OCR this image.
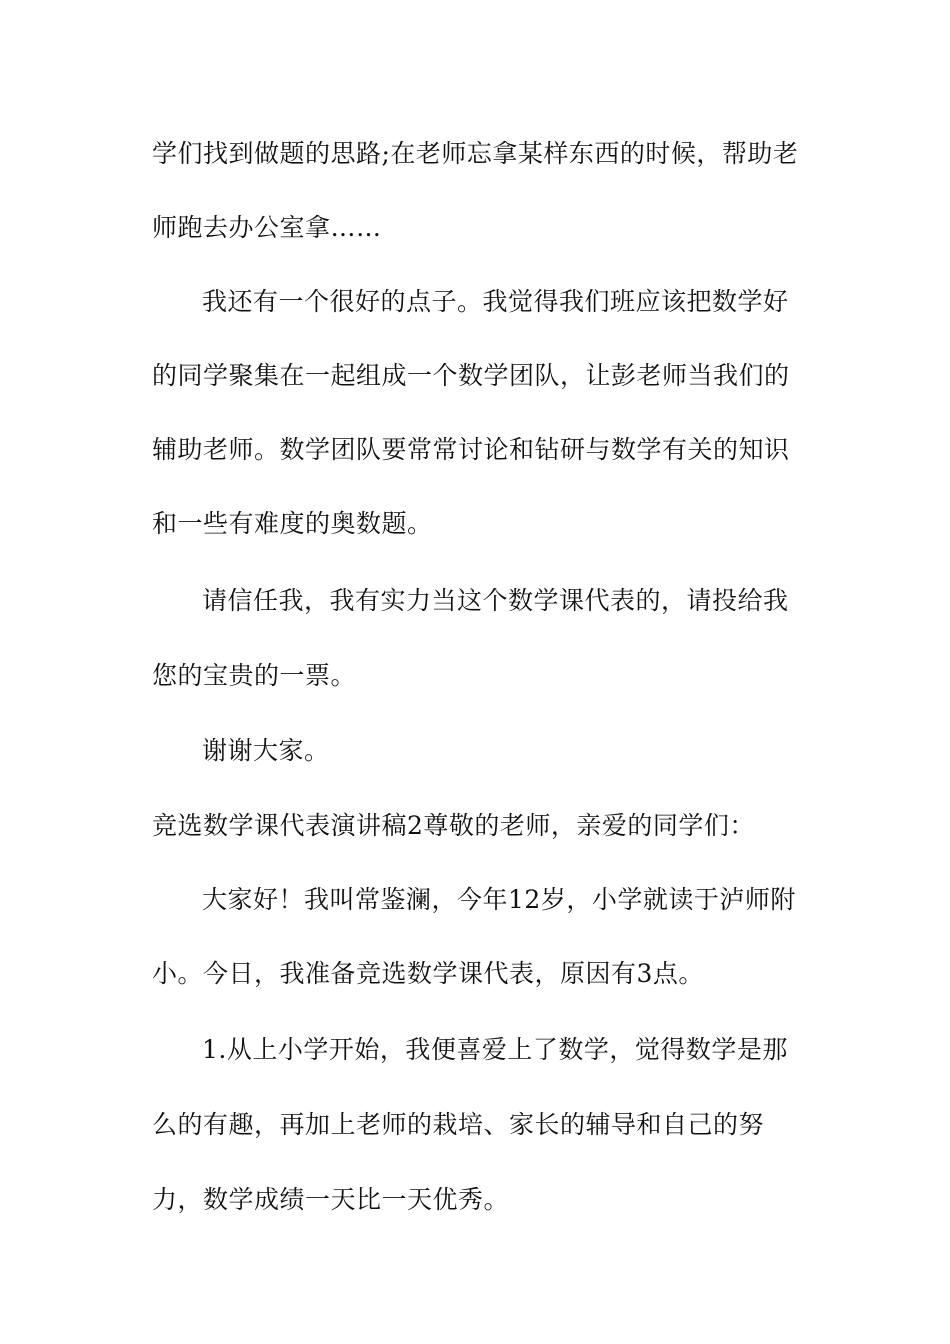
学们找到做题的思路;在老师忘拿某样东西的时候，帮助老
师跑去办公室拿……
我还有一个很好的点子。我觉得我们班应该把数学好
的同学聚集在一起组成一个数学团队，让彭老师当我们的
辅助老师。数学团队要常常讨论和钻研与数学有关的知识
和一些有难度的奥数题。
请信任我，我有实力当这个数学课代表的，请投给我
您的宝贵的一票。
谢谢大家。
竞选数学课代表演讲稿2尊敬的老师，亲爱的同学们：
大家好！我叫常鉴澜，今年12岁，小学就读于泸师附
小。今日，我准备竞选数学课代表，原因有3点。
1.从上小学开始，我便喜爱上了数学，觉得数学是那
么的有趣，再加上老师的栽培、家长的辅导和自己的努
力，数学成绩一天比一天优秀。
